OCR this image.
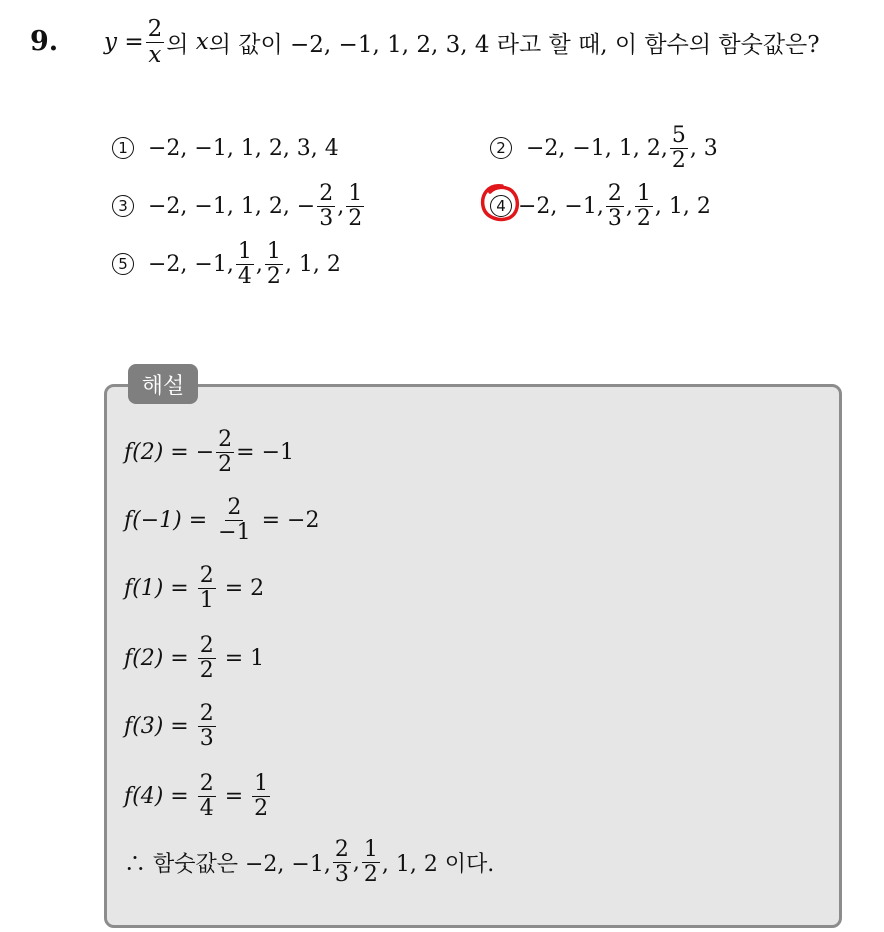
9. y
= $\frac{2}{x}$ 의
x 의 값이 −2, −1, 1, 2, 3, 4 라고 할 때, 이 함수의 함숫값은?
1 −2, −1, 1, 2, 3, 4	2 −2, −1, 1, 2, $\frac{5}{2}$ , 3
3 −2, −1, 1, 2, − $\frac{2}{3}$ , $\frac{1}{2}$	4 −2, −1, $\frac{2}{3}$ , $\frac{1}{2}$ , 1, 2
5 −2, −1, $\frac{1}{4}$ , $\frac{1}{2}$ , 1, 2
해설
f(2) = − $\frac{2}{2} = -1$
f(−1) =
$\frac{2}{-1}$
= −2
f(1) =
$\frac{2}{1}$
= 2
f(2) =
$\frac{2}{2}$
= 1
f(3) =
$\frac{2}{3}$
f(4) =
$\frac{2}{4}$
=
$\frac{1}{2}$
∴ 함숫값은 −2, −1, $\frac{2}{3}$ , $\frac{1}{2}$ , 1, 2 이다.
